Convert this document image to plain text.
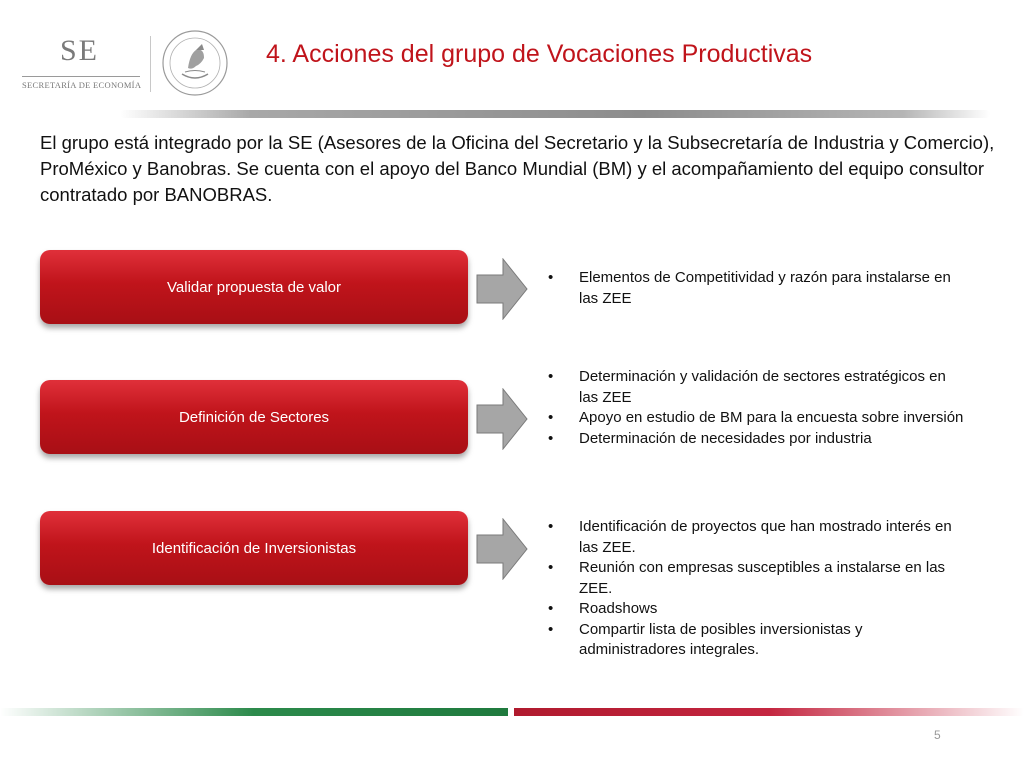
SE
SECRETARÍA DE ECONOMÍA
4. Acciones del grupo de Vocaciones Productivas
El grupo está integrado por la SE (Asesores de la Oficina del Secretario y la Subsecretaría de Industria y Comercio), ProMéxico y Banobras. Se cuenta con el apoyo del Banco Mundial (BM) y el acompañamiento del equipo consultor contratado por BANOBRAS.
Validar propuesta de valor
• Elementos de Competitividad y razón para instalarse en las ZEE
Definición de Sectores
• Determinación y validación de sectores estratégicos en las ZEE
• Apoyo en estudio de BM para la encuesta sobre inversión
• Determinación de necesidades por industria
Identificación de Inversionistas
• Identificación de proyectos que han mostrado interés en las ZEE.
• Reunión con empresas susceptibles a instalarse en las ZEE.
• Roadshows
• Compartir lista de posibles inversionistas y administradores integrales.
5
